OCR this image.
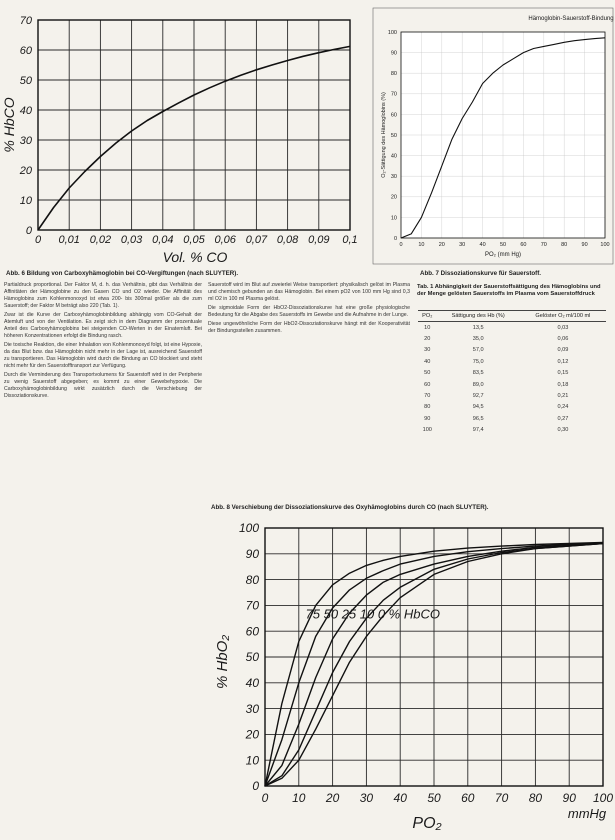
0 0,01 0,02 0,03 0,04 0,05 0,06 0,07 0,08 0,09 0,1
0
10
20
30
40
50
60
70
Vol. % CO
% HbCO
Abb. 6 Bildung von Carboxyhämoglobin bei CO-Vergiftungen (nach SLUYTER).
0	10	20	30	40	50	60	70	80	90 100
0
10
20
30
40
50
60
70
80
90
100
Hämoglobin-Sauerstoff-Bindung
PO₂ (mm Hg)
O₂-Sättigung des Hämoglobins (%)
Abb. 7 Dissoziationskurve für Sauerstoff.

Partialdruck proportional. Der Faktor M, d. h. das Verhältnis, gibt das Verhältnis der Affinitäten der Hämoglobine zu den Gasen CO und O2 wieder. Die Affinität des Hämoglobins zum Kohlenmonoxyd ist etwa 200- bis 300mal größer als die zum Sauerstoff; der Faktor M beträgt also 220 (Tab. 1).

Zwar ist die Kurve der Carboxyhämoglobinbildung abhängig vom CO-Gehalt der Atemluft und von der Ventilation. Es zeigt sich in dem Diagramm der prozentuale Anteil des Carboxyhämoglobins bei steigenden CO-Werten in der Einatemluft. Bei höheren Konzentrationen erfolgt die Bindung rasch.

Die toxische Reaktion, die einer Inhalation von Kohlenmonoxyd folgt, ist eine Hypoxie, da das Blut bzw. das Hämoglobin nicht mehr in der Lage ist, ausreichend Sauerstoff zu transportieren. Das Hämoglobin wird durch die Bindung an CO blockiert und steht nicht mehr für den Sauerstofftransport zur Verfügung.

Durch die Verminderung des Transportvolumens für Sauerstoff wird in der Peripherie zu wenig Sauerstoff abgegeben; es kommt zu einer Gewebehypoxie. Die Carboxyhämoglobinbildung wirkt zusätzlich durch die Verschiebung der Dissoziationskurve.

Sauerstoff wird im Blut auf zweierlei Weise transportiert: physikalisch gelöst im Plasma und chemisch gebunden an das Hämoglobin. Bei einem pO2 von 100 mm Hg sind 0,3 ml O2 in 100 ml Plasma gelöst.

Die sigmoidale Form der HbO2-Dissoziationskurve hat eine große physiologische Bedeutung für die Abgabe des Sauerstoffs im Gewebe und die Aufnahme in der Lunge.

Diese ungewöhnliche Form der HbO2-Dissoziationskurve hängt mit der Kooperativität der Bindungsstellen zusammen.

Tab. 1 Abhängigkeit der Sauerstoffsättigung des Hämoglobins und der Menge gelösten Sauerstoffs im Plasma vom Sauerstoffdruck
PO₂	Sättigung des Hb (%)	Gelöster O₂ ml/100 ml
10	13,5	0,03
20	35,0	0,06
30	57,0	0,09
40	75,0	0,12
50	83,5	0,15
60	89,0	0,18
70	92,7	0,21
80	94,5	0,24
90	96,5	0,27
100	97,4	0,30
Abb. 8 Verschiebung der Dissoziationskurve des Oxyhämoglobins durch CO (nach SLUYTER).
0 10 20 30 40 50 60 70 80 90 100
0
10
20
30
40
50
60
70
80
90
100
PO₂
mmHg
% HbO₂
75 50 25 10 0 % HbCO
